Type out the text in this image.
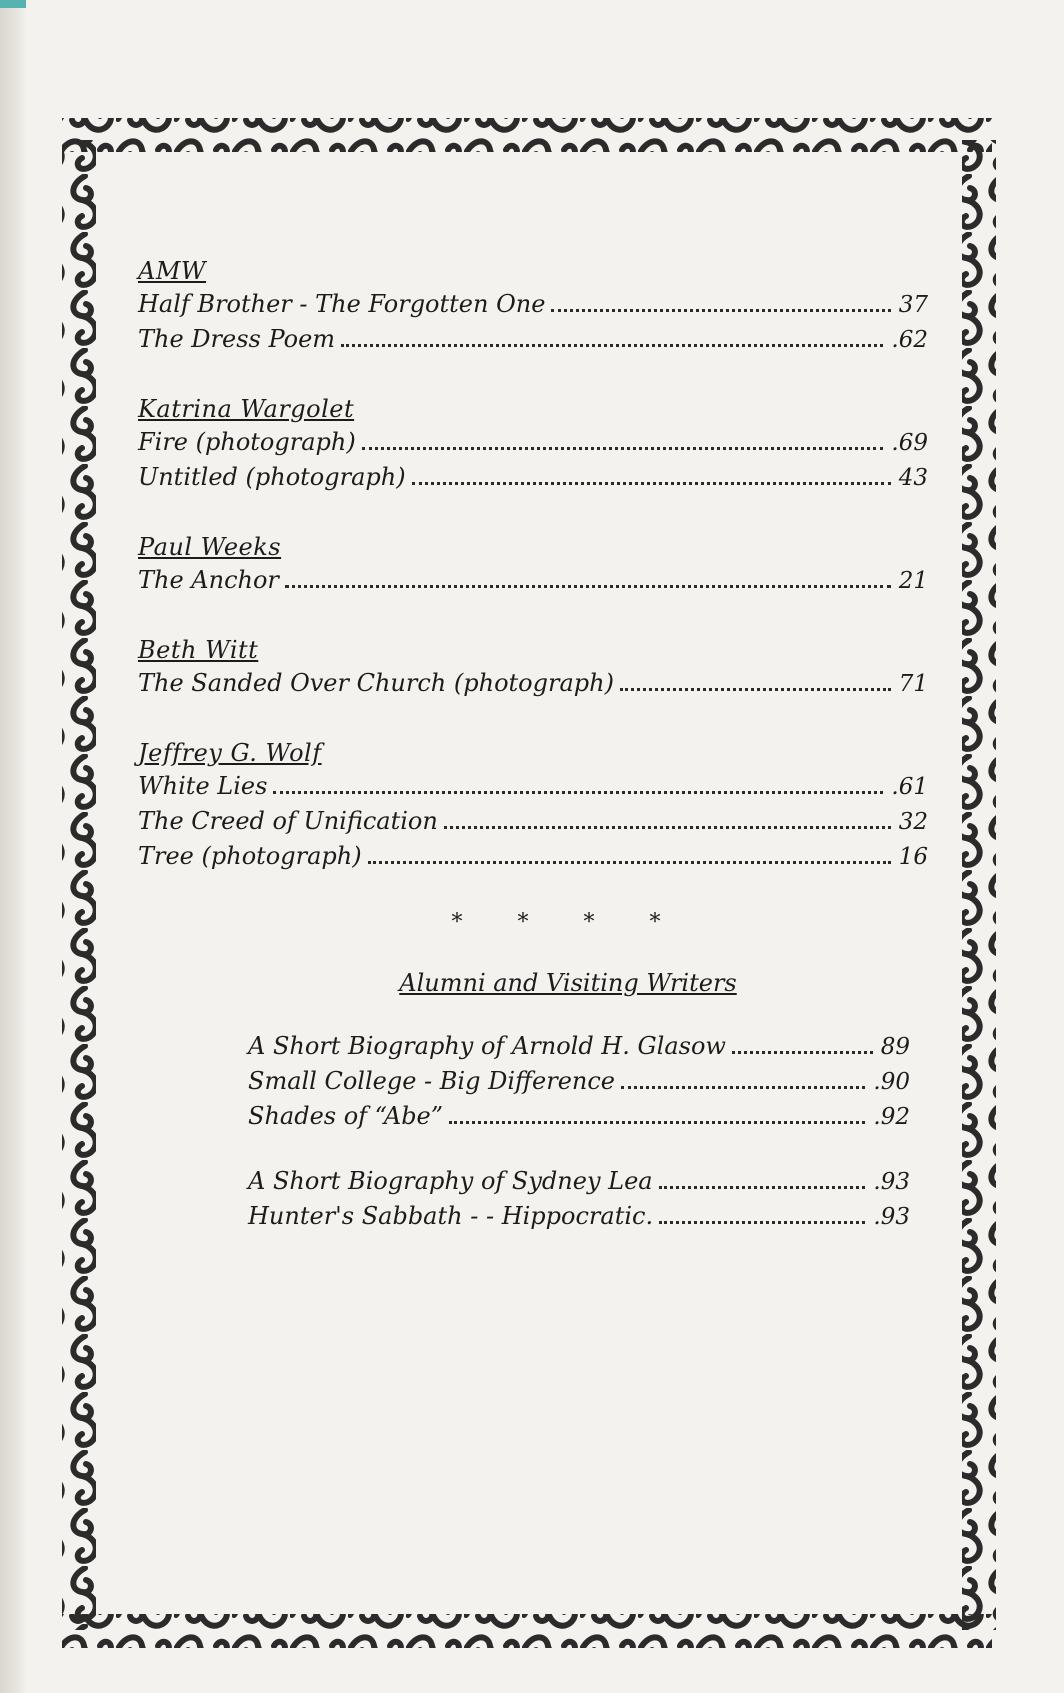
AMW
Half Brother - The Forgotten One	37
The Dress Poem	.62
Katrina Wargolet
Fire (photograph)	.69
Untitled (photograph)	43
Paul Weeks
The Anchor	21
Beth Witt
The Sanded Over Church (photograph)	71
Jeffrey G. Wolf
White Lies	.61
The Creed of Unification	32
Tree (photograph)	16
* * * *
Alumni and Visiting Writers
A Short Biography of Arnold H. Glasow	89
Small College - Big Difference	.90
Shades of “Abe”	.92
A Short Biography of Sydney Lea	.93
Hunter's Sabbath - - Hippocratic.	.93
